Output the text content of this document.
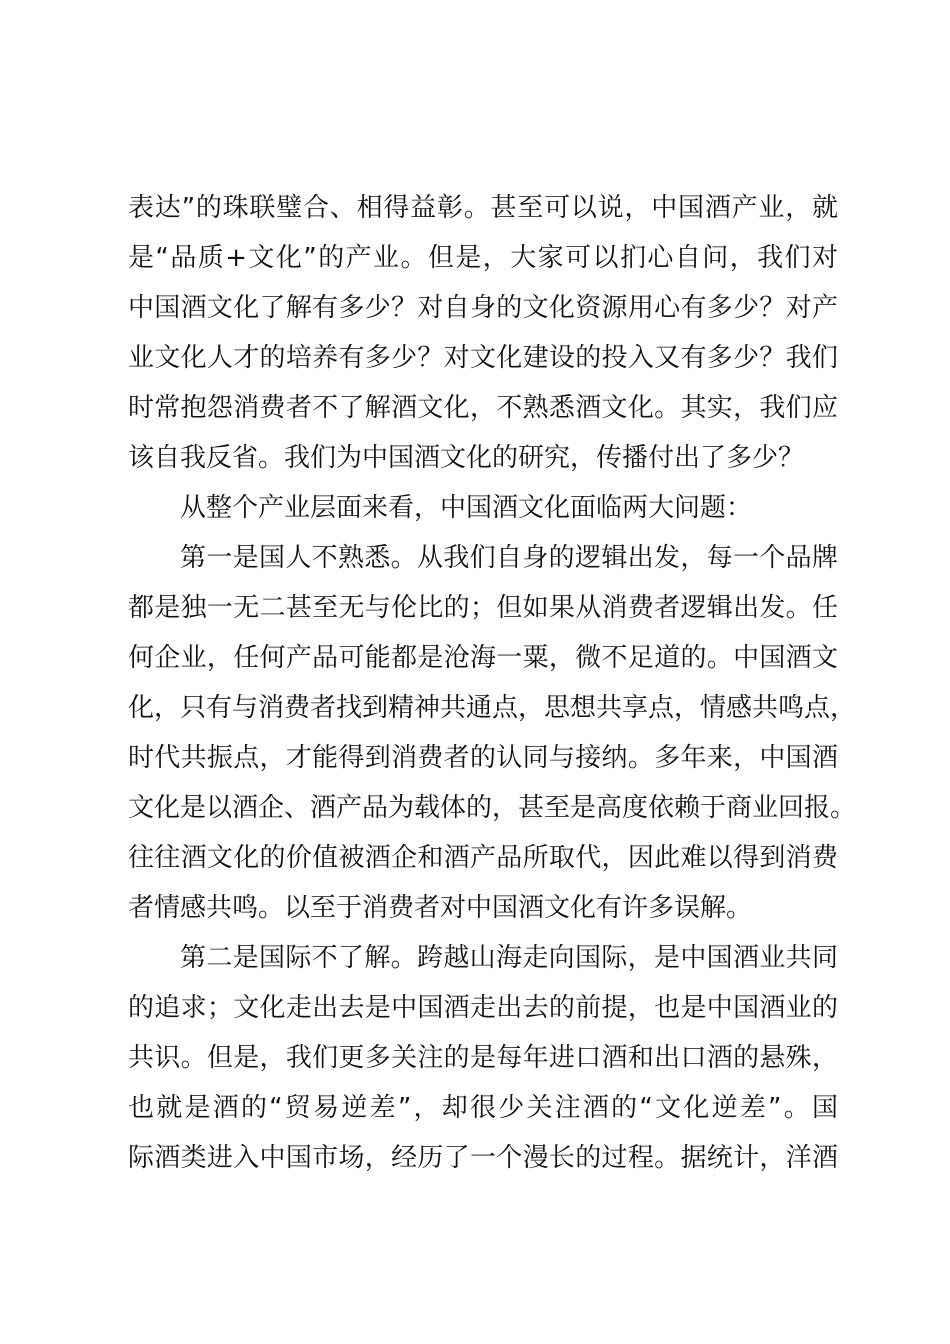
表达”的珠联璧合、相得益彰。甚至可以说，中国酒产业，就
是“品质+文化”的产业。但是，大家可以扪心自问，我们对
中国酒文化了解有多少？对自身的文化资源用心有多少？对产
业文化人才的培养有多少？对文化建设的投入又有多少？我们
时常抱怨消费者不了解酒文化，不熟悉酒文化。其实，我们应
该自我反省。我们为中国酒文化的研究，传播付出了多少？
从整个产业层面来看，中国酒文化面临两大问题：
第一是国人不熟悉。从我们自身的逻辑出发，每一个品牌
都是独一无二甚至无与伦比的；但如果从消费者逻辑出发。任
何企业，任何产品可能都是沧海一粟，微不足道的。中国酒文
化，只有与消费者找到精神共通点，思想共享点，情感共鸣点，
时代共振点，才能得到消费者的认同与接纳。多年来，中国酒
文化是以酒企、酒产品为载体的，甚至是高度依赖于商业回报。
往往酒文化的价值被酒企和酒产品所取代，因此难以得到消费
者情感共鸣。以至于消费者对中国酒文化有许多误解。
第二是国际不了解。跨越山海走向国际，是中国酒业共同
的追求；文化走出去是中国酒走出去的前提，也是中国酒业的
共识。但是，我们更多关注的是每年进口酒和出口酒的悬殊，
也就是酒的“贸易逆差”，却很少关注酒的“文化逆差”。国
际酒类进入中国市场，经历了一个漫长的过程。据统计，洋酒
